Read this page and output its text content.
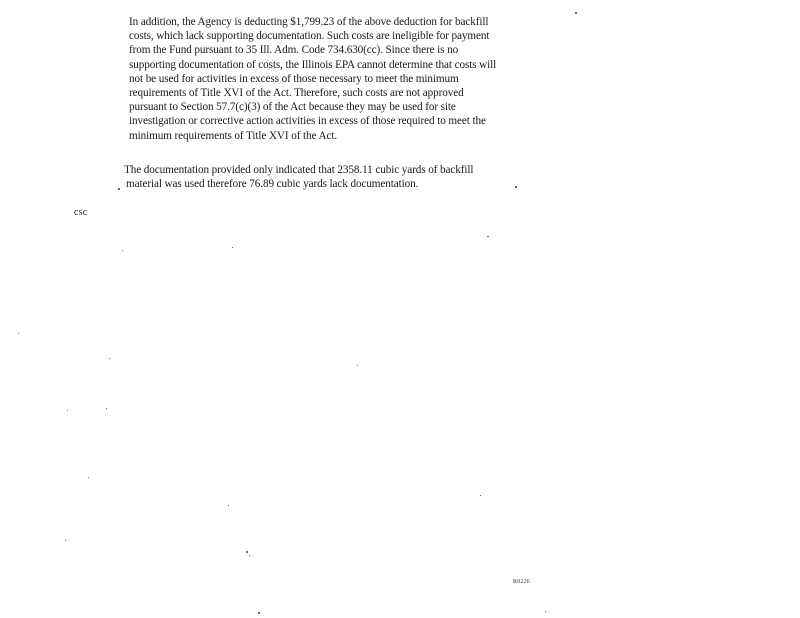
In addition, the Agency is deducting $1,799.23 of the above deduction for backfill
costs, which lack supporting documentation. Such costs are ineligible for payment
from the Fund pursuant to 35 Ill. Adm. Code 734.630(cc). Since there is no
supporting documentation of costs, the Illinois EPA cannot determine that costs will
not be used for activities in excess of those necessary to meet the minimum
requirements of Title XVI of the Act. Therefore, such costs are not approved
pursuant to Section 57.7(c)(3) of the Act because they may be used for site
investigation or corrective action activities in excess of those required to meet the
minimum requirements of Title XVI of the Act.
The documentation provided only indicated that 2358.11 cubic yards of backfill
material was used therefore 76.89 cubic yards lack documentation.
csc
R0226
